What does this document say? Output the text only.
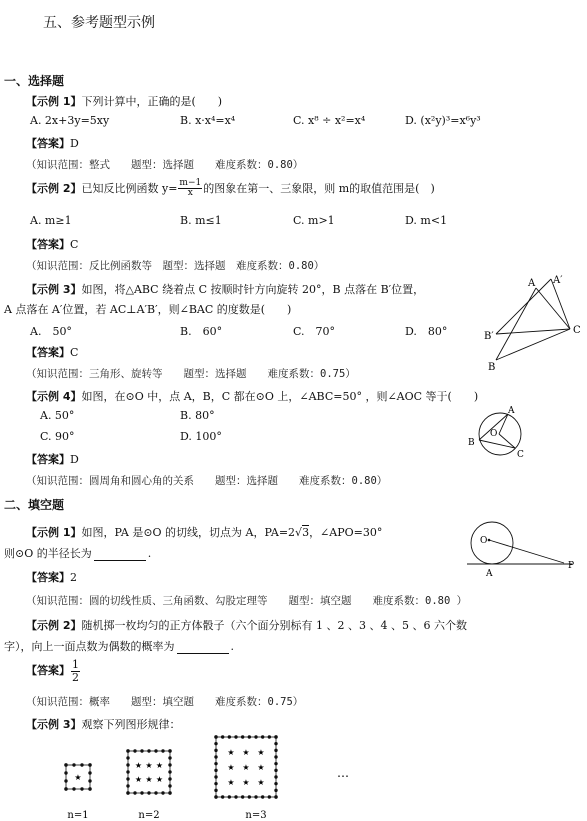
五、参考题型示例
一、选择题
【示例 1】下列计算中，正确的是(　　)
A. 2x+3y=5xy	B. x·x⁴=x⁴	C. x⁸ ÷ x²=x⁴	D. (x²y)³=x⁶y³
【答案】D
（知识范围：整式　　题型：选择题　　难度系数：0.80）
【示例 2】已知反比例函数 $y= \frac{m-1}{x}$ 的图象在第一、三象限，则 m的取值范围是(　)
A. m≥1	B. m≤1	C. m>1	D. m<1
【答案】C
（知识范围：反比例函数等　题型：选择题　难度系数：0.80）
【示例 3】如图，将△ABC 绕着点 C 按顺时针方向旋转 20°，B 点落在 B′位置，
A 点落在 A′位置，若 AC⊥A′B′，则∠BAC 的度数是(　　)
A.　50°	B.　60°	C.　70°	D.　80°
【答案】C
（知识范围：三角形、旋转等　　题型：选择题　　难度系数：0.75）
A A′
B′
B
C
【示例 4】如图，在⊙O 中，点 A，B，C 都在⊙O 上，∠ABC=50° ，则∠AOC 等于(　　)
A. 50°	B. 80°
C. 90°	D. 100°
【答案】D
（知识范围：圆周角和圆心角的关系　　题型：选择题　　难度系数：0.80）
A
B
C
O
二、填空题
【示例 1】如图，PA 是⊙O 的切线，切点为 A，PA=2√3，∠APO=30°
则⊙O 的半径长为	.
【答案】2
（知识范围：圆的切线性质、三角函数、勾股定理等　　题型：填空题　　难度系数：0.80 ）
O
A
P
【示例 2】随机掷一枚均匀的正方体骰子（六个面分别标有 1 、2 、3 、4 、5 、6 六个数
字），向上一面点数为偶数的概率为	.
【答案】 $\frac{1}{2}$
（知识范围：概率　　题型：填空题　　难度系数：0.75）
【示例 3】观察下列图形规律：
★
★ ★ ★
★ ★ ★
★ ★ ★
★ ★ ★
★ ★ ★
…
n=1	n=2	n=3
